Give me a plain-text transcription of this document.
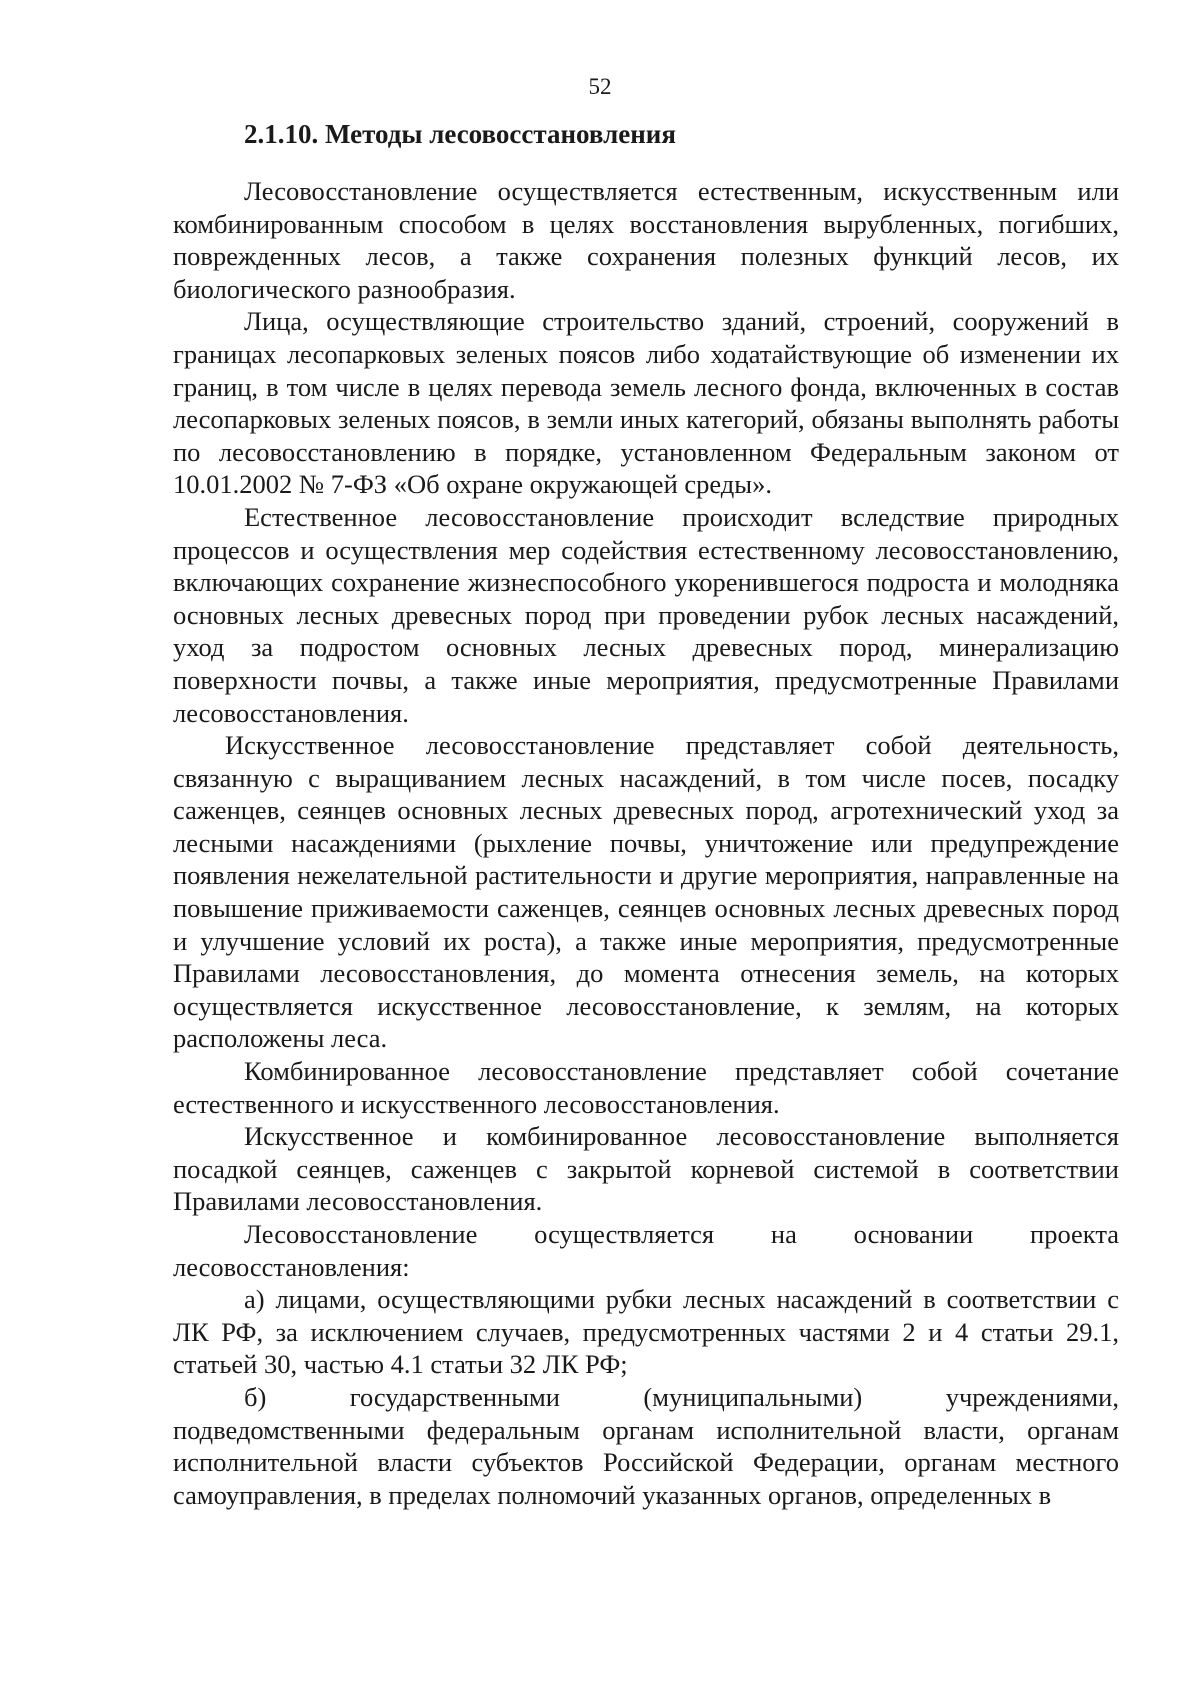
52
2.1.10. Методы лесовосстановления

Лесовосстановление осуществляется естественным, искусственным или комбинированным способом в целях восстановления вырубленных, погибших, поврежденных лесов, а также сохранения полезных функций лесов, их биологического разнообразия.

Лица, осуществляющие строительство зданий, строений, сооружений в границах лесопарковых зеленых поясов либо ходатайствующие об изменении их границ, в том числе в целях перевода земель лесного фонда, включенных в состав лесопарковых зеленых поясов, в земли иных категорий, обязаны выполнять работы по лесовосстановлению в порядке, установленном Федеральным законом от 10.01.2002 № 7-ФЗ «Об охране окружающей среды».

Естественное лесовосстановление происходит вследствие природных процессов и осуществления мер содействия естественному лесовосстановлению, включающих сохранение жизнеспособного укоренившегося подроста и молодняка основных лесных древесных пород при проведении рубок лесных насаждений, уход за подростом основных лесных древесных пород, минерализацию поверхности почвы, а также иные мероприятия, предусмотренные Правилами лесовосстановления.

Искусственное лесовосстановление представляет собой деятельность, связанную с выращиванием лесных насаждений, в том числе посев, посадку саженцев, сеянцев основных лесных древесных пород, агротехнический уход за лесными насаждениями (рыхление почвы, уничтожение или предупреждение появления нежелательной растительности и другие мероприятия, направленные на повышение приживаемости саженцев, сеянцев основных лесных древесных пород и улучшение условий их роста), а также иные мероприятия, предусмотренные Правилами лесовосстановления, до момента отнесения земель, на которых осуществляется искусственное лесовосстановление, к землям, на которых расположены леса.

Комбинированное лесовосстановление представляет собой сочетание естественного и искусственного лесовосстановления.

Искусственное и комбинированное лесовосстановление выполняется посадкой сеянцев, саженцев с закрытой корневой системой в соответствии Правилами лесовосстановления.

Лесовосстановление осуществляется на основании проекта лесовосстановления:

а) лицами, осуществляющими рубки лесных насаждений в соответствии с ЛК РФ, за исключением случаев, предусмотренных частями 2 и 4 статьи 29.1, статьей 30, частью 4.1 статьи 32 ЛК РФ;

б) государственными (муниципальными) учреждениями, подведомственными федеральным органам исполнительной власти, органам исполнительной власти субъектов Российской Федерации, органам местного самоуправления, в пределах полномочий указанных органов, определенных в
